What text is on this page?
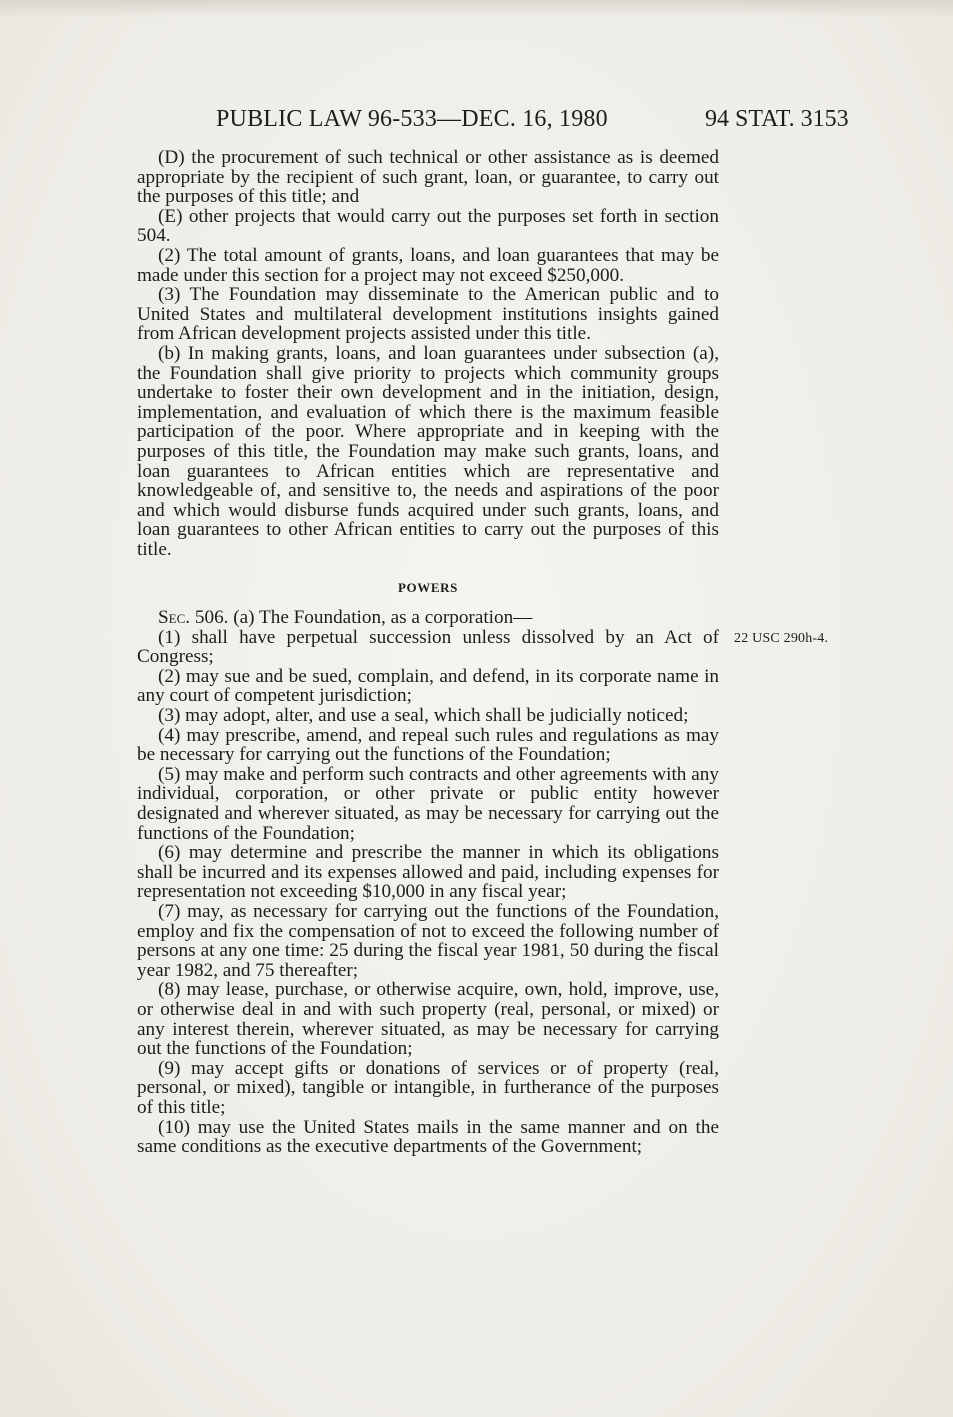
PUBLIC LAW 96-533—DEC. 16, 1980	94 STAT. 3153

(D) the procurement of such technical or other assistance as is deemed appropriate by the recipient of such grant, loan, or guarantee, to carry out the purposes of this title; and

(E) other projects that would carry out the purposes set forth in section 504.

(2) The total amount of grants, loans, and loan guarantees that may be made under this section for a project may not exceed $250,000.

(3) The Foundation may disseminate to the American public and to United States and multilateral development institutions insights gained from African development projects assisted under this title.

(b) In making grants, loans, and loan guarantees under subsection (a), the Foundation shall give priority to projects which community groups undertake to foster their own development and in the initiation, design, implementation, and evaluation of which there is the maximum feasible participation of the poor. Where appropriate and in keeping with the purposes of this title, the Foundation may make such grants, loans, and loan guarantees to African entities which are representative and knowledgeable of, and sensitive to, the needs and aspirations of the poor and which would disburse funds acquired under such grants, loans, and loan guarantees to other African entities to carry out the purposes of this title.

POWERS

Sec. 506. (a) The Foundation, as a corporation—

(1) shall have perpetual succession unless dissolved by an Act of Congress;

(2) may sue and be sued, complain, and defend, in its corporate name in any court of competent jurisdiction;

(3) may adopt, alter, and use a seal, which shall be judicially noticed;

(4) may prescribe, amend, and repeal such rules and regulations as may be necessary for carrying out the functions of the Foundation;

(5) may make and perform such contracts and other agreements with any individual, corporation, or other private or public entity however designated and wherever situated, as may be necessary for carrying out the functions of the Foundation;

(6) may determine and prescribe the manner in which its obligations shall be incurred and its expenses allowed and paid, including expenses for representation not exceeding $10,000 in any fiscal year;

(7) may, as necessary for carrying out the functions of the Foundation, employ and fix the compensation of not to exceed the following number of persons at any one time: 25 during the fiscal year 1981, 50 during the fiscal year 1982, and 75 thereafter;

(8) may lease, purchase, or otherwise acquire, own, hold, improve, use, or otherwise deal in and with such property (real, personal, or mixed) or any interest therein, wherever situated, as may be necessary for carrying out the functions of the Foundation;

(9) may accept gifts or donations of services or of property (real, personal, or mixed), tangible or intangible, in furtherance of the purposes of this title;

(10) may use the United States mails in the same manner and on the same conditions as the executive departments of the Government;

22 USC 290h-4.
